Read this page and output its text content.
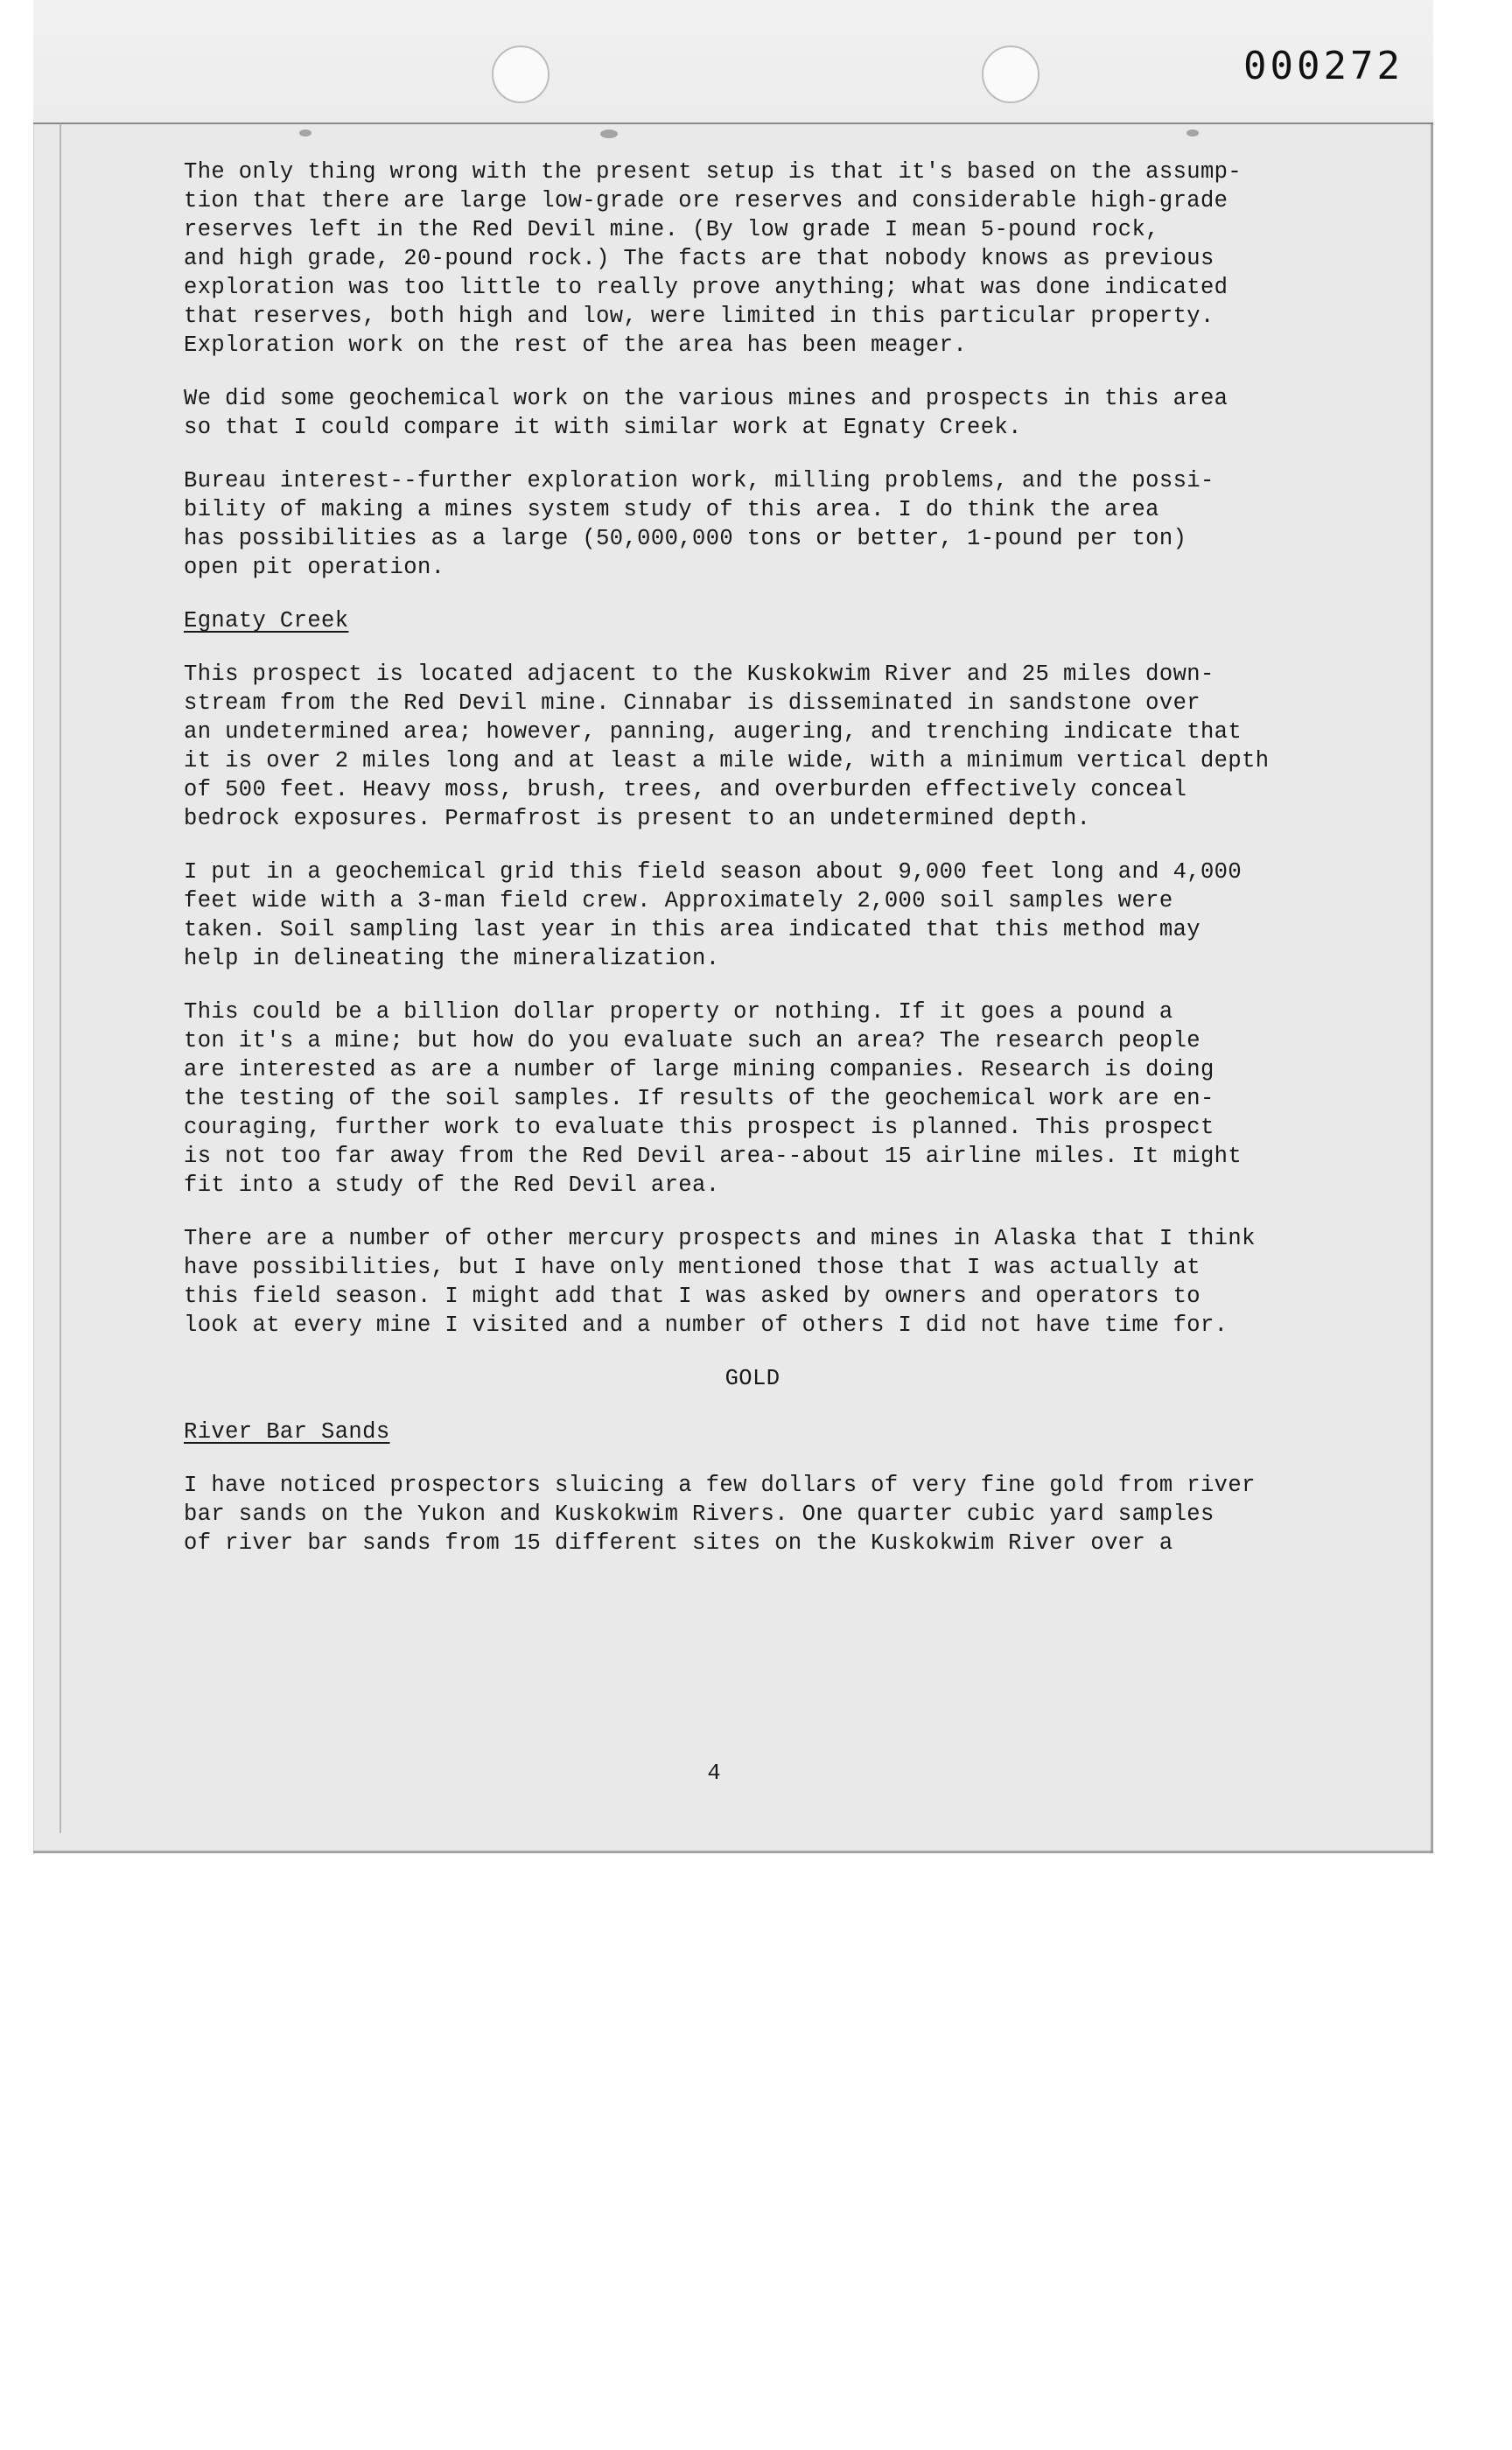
000272
4

The only thing wrong with the present setup is that it's based on the assump-
tion that there are large low-grade ore reserves and considerable high-grade
reserves left in the Red Devil mine. (By low grade I mean 5-pound rock,
and high grade, 20-pound rock.) The facts are that nobody knows as previous
exploration was too little to really prove anything; what was done indicated
that reserves, both high and low, were limited in this particular property.
Exploration work on the rest of the area has been meager.

We did some geochemical work on the various mines and prospects in this area
so that I could compare it with similar work at Egnaty Creek.

Bureau interest--further exploration work, milling problems, and the possi-
bility of making a mines system study of this area. I do think the area
has possibilities as a large (50,000,000 tons or better, 1-pound per ton)
open pit operation.

Egnaty Creek

This prospect is located adjacent to the Kuskokwim River and 25 miles down-
stream from the Red Devil mine. Cinnabar is disseminated in sandstone over
an undetermined area; however, panning, augering, and trenching indicate that
it is over 2 miles long and at least a mile wide, with a minimum vertical depth
of 500 feet. Heavy moss, brush, trees, and overburden effectively conceal
bedrock exposures. Permafrost is present to an undetermined depth.

I put in a geochemical grid this field season about 9,000 feet long and 4,000
feet wide with a 3-man field crew. Approximately 2,000 soil samples were
taken. Soil sampling last year in this area indicated that this method may
help in delineating the mineralization.

This could be a billion dollar property or nothing. If it goes a pound a
ton it's a mine; but how do you evaluate such an area? The research people
are interested as are a number of large mining companies. Research is doing
the testing of the soil samples. If results of the geochemical work are en-
couraging, further work to evaluate this prospect is planned. This prospect
is not too far away from the Red Devil area--about 15 airline miles. It might
fit into a study of the Red Devil area.

There are a number of other mercury prospects and mines in Alaska that I think
have possibilities, but I have only mentioned those that I was actually at
this field season. I might add that I was asked by owners and operators to
look at every mine I visited and a number of others I did not have time for.

GOLD

River Bar Sands

I have noticed prospectors sluicing a few dollars of very fine gold from river
bar sands on the Yukon and Kuskokwim Rivers. One quarter cubic yard samples
of river bar sands from 15 different sites on the Kuskokwim River over a
